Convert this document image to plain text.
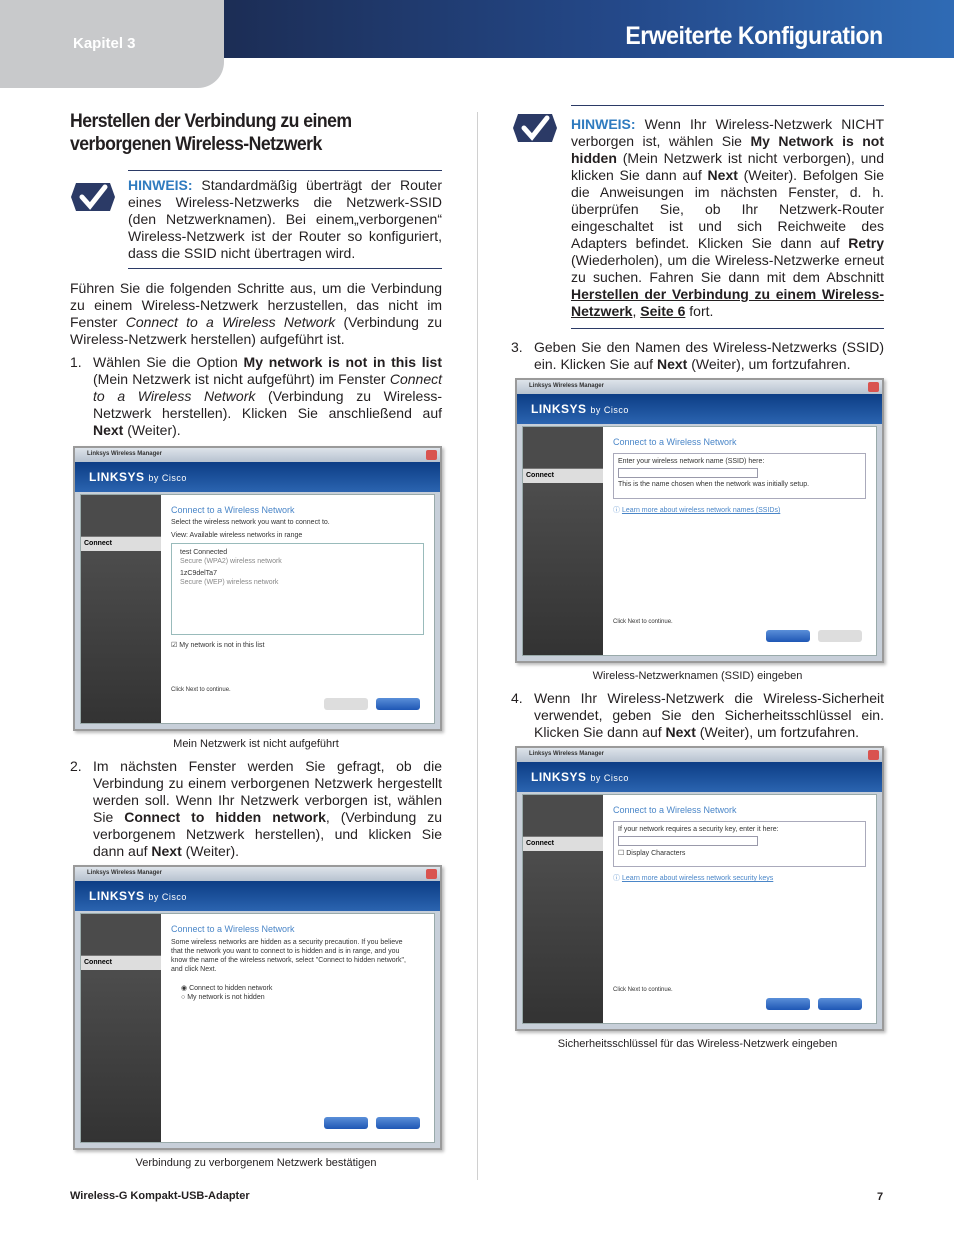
Kapitel 3	Erweiterte Konfiguration
Herstellen der Verbindung zu einem verborgenen Wireless-Netzwerk
HINWEIS: Standardmäßig überträgt der Router eines Wireless-Netzwerks die Netzwerk-SSID (den Netzwerknamen). Bei einem„verborgenen“ Wireless-Netzwerk ist der Router so konfiguriert, dass die SSID nicht übertragen wird.
Führen Sie die folgenden Schritte aus, um die Verbindung zu einem Wireless-Netzwerk herzustellen, das nicht im Fenster Connect to a Wireless Network (Verbindung zu Wireless-Netzwerk herstellen) aufgeführt ist.
1. Wählen Sie die Option My network is not in this list (Mein Netzwerk ist nicht aufgeführt) im Fenster Connect to a Wireless Network (Verbindung zu Wireless-Netzwerk herstellen). Klicken Sie anschließend auf Next (Weiter).
Linksys Wireless Manager
LINKSYS by Cisco
Connect
Connect to a Wireless Network
Select the wireless network you want to connect to.
View: Available wireless networks in range
test Connected
Secure (WPA2) wireless network
1zC9delTa7
Secure (WEP) wireless network
☑ My network is not in this list
Click Next to continue.
Mein Netzwerk ist nicht aufgeführt
2. Im nächsten Fenster werden Sie gefragt, ob die Verbindung zu einem verborgenen Netzwerk hergestellt werden soll. Wenn Ihr Netzwerk verborgen ist, wählen Sie Connect to hidden network, (Verbindung zu verborgenem Netzwerk herstellen), und klicken Sie dann auf Next (Weiter).
Linksys Wireless Manager
LINKSYS by Cisco
Connect
Connect to a Wireless Network
Some wireless networks are hidden as a security precaution. If you believe that the network you want to connect to is hidden and is in range, and you know the name of the wireless network, select "Connect to hidden network", and click Next.
◉ Connect to hidden network
○ My network is not hidden
Verbindung zu verborgenem Netzwerk bestätigen
HINWEIS: Wenn Ihr Wireless-Netzwerk NICHT verborgen ist, wählen Sie My Network is not hidden (Mein Netzwerk ist nicht verborgen), und klicken Sie dann auf Next (Weiter). Befolgen Sie die Anweisungen im nächsten Fenster, d. h. überprüfen Sie, ob Ihr Netzwerk-Router eingeschaltet ist und sich Reichweite des Adapters befindet. Klicken Sie dann auf Retry (Wiederholen), um die Wireless-Netzwerke erneut zu suchen. Fahren Sie dann mit dem Abschnitt Herstellen der Verbindung zu einem Wireless-Netzwerk, Seite 6 fort.
3. Geben Sie den Namen des Wireless-Netzwerks (SSID) ein. Klicken Sie auf Next (Weiter), um fortzufahren.
Linksys Wireless Manager
LINKSYS by Cisco
Connect
Connect to a Wireless Network
Enter your wireless network name (SSID) here:
This is the name chosen when the network was initially setup.
ⓘ Learn more about wireless network names (SSIDs)
Click Next to continue.
Wireless-Netzwerknamen (SSID) eingeben
4. Wenn Ihr Wireless-Netzwerk die Wireless-Sicherheit verwendet, geben Sie den Sicherheitsschlüssel ein. Klicken Sie dann auf Next (Weiter), um fortzufahren.
Linksys Wireless Manager
LINKSYS by Cisco
Connect
Connect to a Wireless Network
If your network requires a security key, enter it here:
☐ Display Characters
ⓘ Learn more about wireless network security keys
Click Next to continue.
Sicherheitsschlüssel für das Wireless-Netzwerk eingeben
Wireless-G Kompakt-USB-Adapter	7
